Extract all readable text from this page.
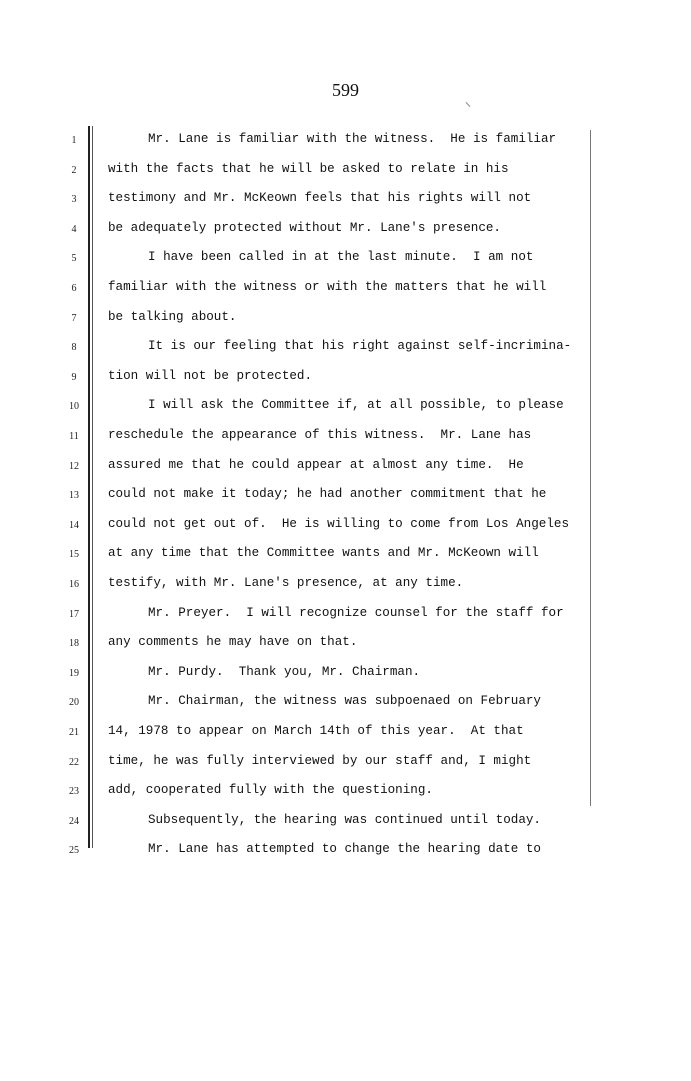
599
1	Mr. Lane is familiar with the witness.  He is familiar
2	with the facts that he will be asked to relate in his
3	testimony and Mr. McKeown feels that his rights will not
4	be adequately protected without Mr. Lane's presence.
5	I have been called in at the last minute.  I am not
6	familiar with the witness or with the matters that he will
7	be talking about.
8	It is our feeling that his right against self-incrimina-
9	tion will not be protected.
10	I will ask the Committee if, at all possible, to please
11	reschedule the appearance of this witness.  Mr. Lane has
12	assured me that he could appear at almost any time.  He
13	could not make it today; he had another commitment that he
14	could not get out of.  He is willing to come from Los Angeles
15	at any time that the Committee wants and Mr. McKeown will
16	testify, with Mr. Lane's presence, at any time.
17	Mr. Preyer.  I will recognize counsel for the staff for
18	any comments he may have on that.
19	Mr. Purdy.  Thank you, Mr. Chairman.
20	Mr. Chairman, the witness was subpoenaed on February
21	14, 1978 to appear on March 14th of this year.  At that
22	time, he was fully interviewed by our staff and, I might
23	add, cooperated fully with the questioning.
24	Subsequently, the hearing was continued until today.
25	Mr. Lane has attempted to change the hearing date to
